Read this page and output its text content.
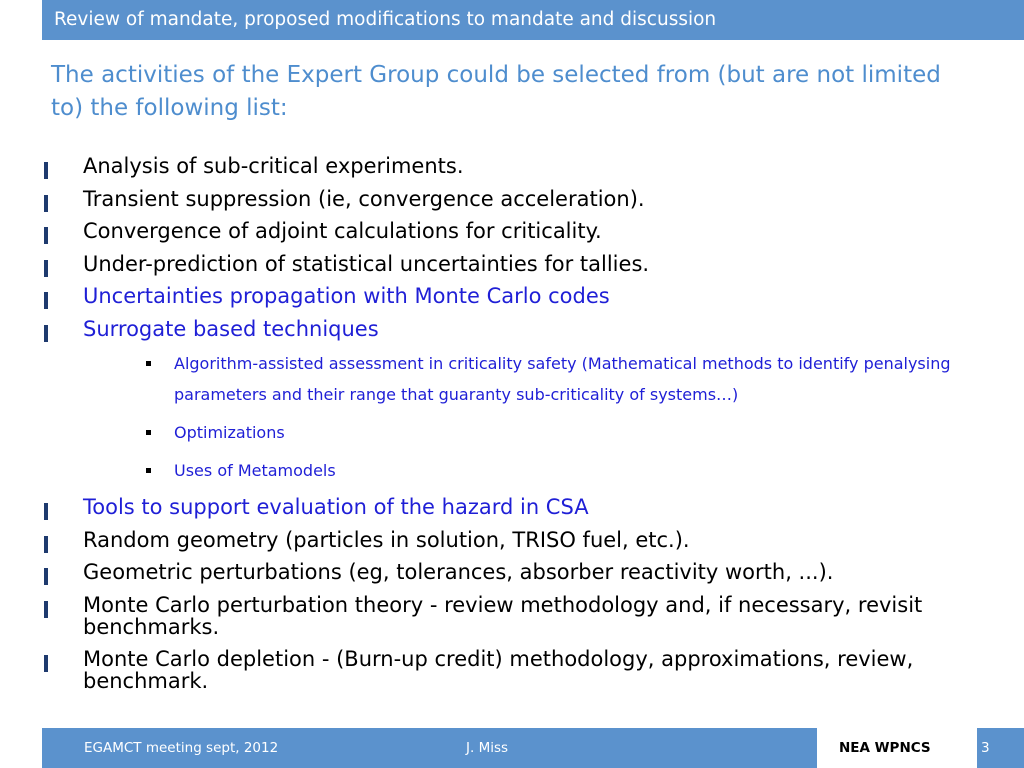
Review of mandate, proposed modifications to mandate and discussion
The activities of the Expert Group could be selected from (but are not limited to) the following list:
Analysis of sub-critical experiments.
Transient suppression (ie, convergence acceleration).
Convergence of adjoint calculations for criticality.
Under-prediction of statistical uncertainties for tallies.
Uncertainties propagation with Monte Carlo codes
Surrogate based techniques
Algorithm-assisted assessment in criticality safety (Mathematical methods to identify penalysing parameters and their range that guaranty sub-criticality of systems…)
Optimizations
Uses of Metamodels
Tools to support evaluation of the hazard in CSA
Random geometry (particles in solution, TRISO fuel, etc.).
Geometric perturbations (eg, tolerances, absorber reactivity worth, ...).
Monte Carlo perturbation theory - review methodology and, if necessary, revisit benchmarks.
Monte Carlo depletion - (Burn-up credit) methodology, approximations, review, benchmark.
EGAMCT meeting sept, 2012	J. Miss	NEA WPNCS	3
